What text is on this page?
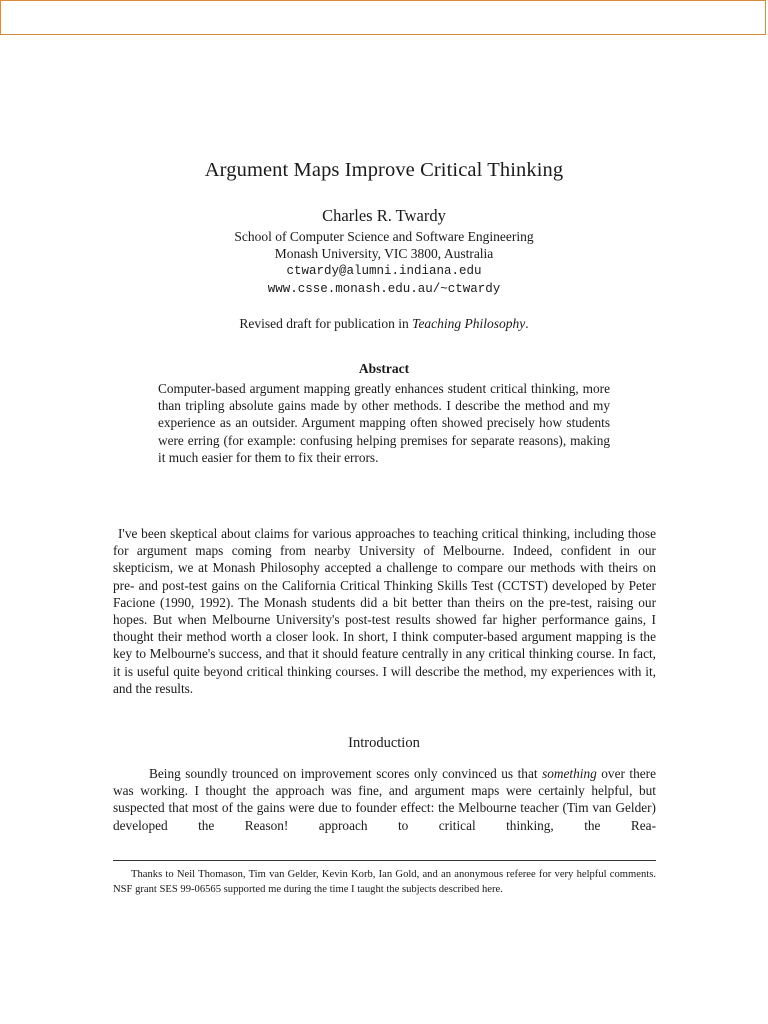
Argument Maps Improve Critical Thinking
Charles R. Twardy
School of Computer Science and Software Engineering
Monash University, VIC 3800, Australia
ctwardy@alumni.indiana.edu
www.csse.monash.edu.au/~ctwardy
Revised draft for publication in Teaching Philosophy.
Abstract

Computer-based argument mapping greatly enhances student critical thinking, more than tripling absolute gains made by other methods. I describe the method and my experience as an outsider. Argument mapping often showed precisely how students were erring (for example: confusing helping premises for separate reasons), making it much easier for them to fix their errors.

I've been skeptical about claims for various approaches to teaching critical thinking, including those for argument maps coming from nearby University of Melbourne. Indeed, confident in our skepticism, we at Monash Philosophy accepted a challenge to compare our methods with theirs on pre- and post-test gains on the California Critical Thinking Skills Test (CCTST) developed by Peter Facione (1990, 1992). The Monash students did a bit better than theirs on the pre-test, raising our hopes. But when Melbourne University's post-test results showed far higher performance gains, I thought their method worth a closer look. In short, I think computer-based argument mapping is the key to Melbourne's success, and that it should feature centrally in any critical thinking course. In fact, it is useful quite beyond critical thinking courses. I will describe the method, my experiences with it, and the results.

Introduction

Being soundly trounced on improvement scores only convinced us that something over there was working. I thought the approach was fine, and argument maps were certainly helpful, but suspected that most of the gains were due to founder effect: the Melbourne teacher (Tim van Gelder) developed the Reason! approach to critical thinking, the Rea-

Thanks to Neil Thomason, Tim van Gelder, Kevin Korb, Ian Gold, and an anonymous referee for very helpful comments. NSF grant SES 99-06565 supported me during the time I taught the subjects described here.
